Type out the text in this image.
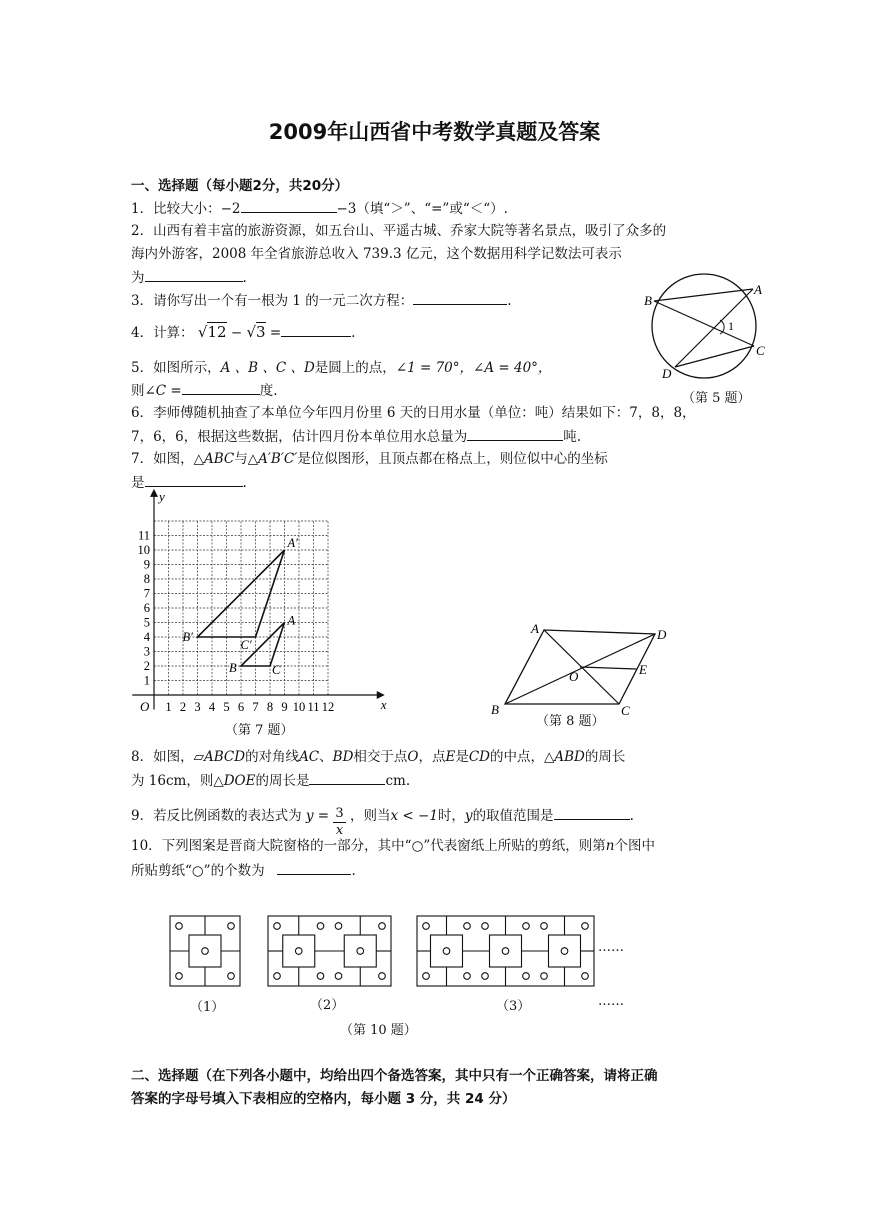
2009年山西省中考数学真题及答案
一、选择题（每小题2分，共20分）
1．比较大小：−2	−3（填“＞”、“=”或“＜“）.
2．山西有着丰富的旅游资源，如五台山、平遥古城、乔家大院等著名景点，吸引了众多的
海内外游客，2008 年全省旅游总收入 739.3 亿元，这个数据用科学记数法可表示
为	.
3．请你写出一个有一根为 1 的一元二次方程：	.
4．计算： √12 − √3 =	.
5．如图所示，A 、B 、C 、D是圆上的点，∠1 = 70°，∠A = 40°，
则∠C =	度.
6．李师傅随机抽查了本单位今年四月份里 6 天的日用水量（单位：吨）结果如下：7，8，8，
7，6，6，根据这些数据，估计四月份本单位用水总量为	吨.
7．如图，△ABC与△A′B′C′是位似图形，且顶点都在格点上，则位似中心的坐标
是	.
B
A
C
D
1
（第 5 题）
1 2 3 4 5 6 7 8 9 10 11 12
1
2
3
4
5
6
7
8
9
10
11
O	x
y
A′
B′
C′
A
B	C
（第 7 题）
A	D
B	C
O	E
（第 8 题）
8．如图，▱ABCD的对角线AC、BD相交于点O，点E是CD的中点，△ABD的周长
为 16cm，则△DOE的周长是	cm.
9．若反比例函数的表达式为 $y = \frac{3}{x}$ ，则当x < −1时，y的取值范围是	.
10．下列图案是晋商大院窗格的一部分，其中“○”代表窗纸上所贴的剪纸，则第n个图中
所贴剪纸“○”的个数为	.
（1）	（2）	（3）
……
……
（第 10 题）
二、选择题（在下列各小题中，均给出四个备选答案，其中只有一个正确答案，请将正确
答案的字母号填入下表相应的空格内，每小题 3 分，共 24 分）
